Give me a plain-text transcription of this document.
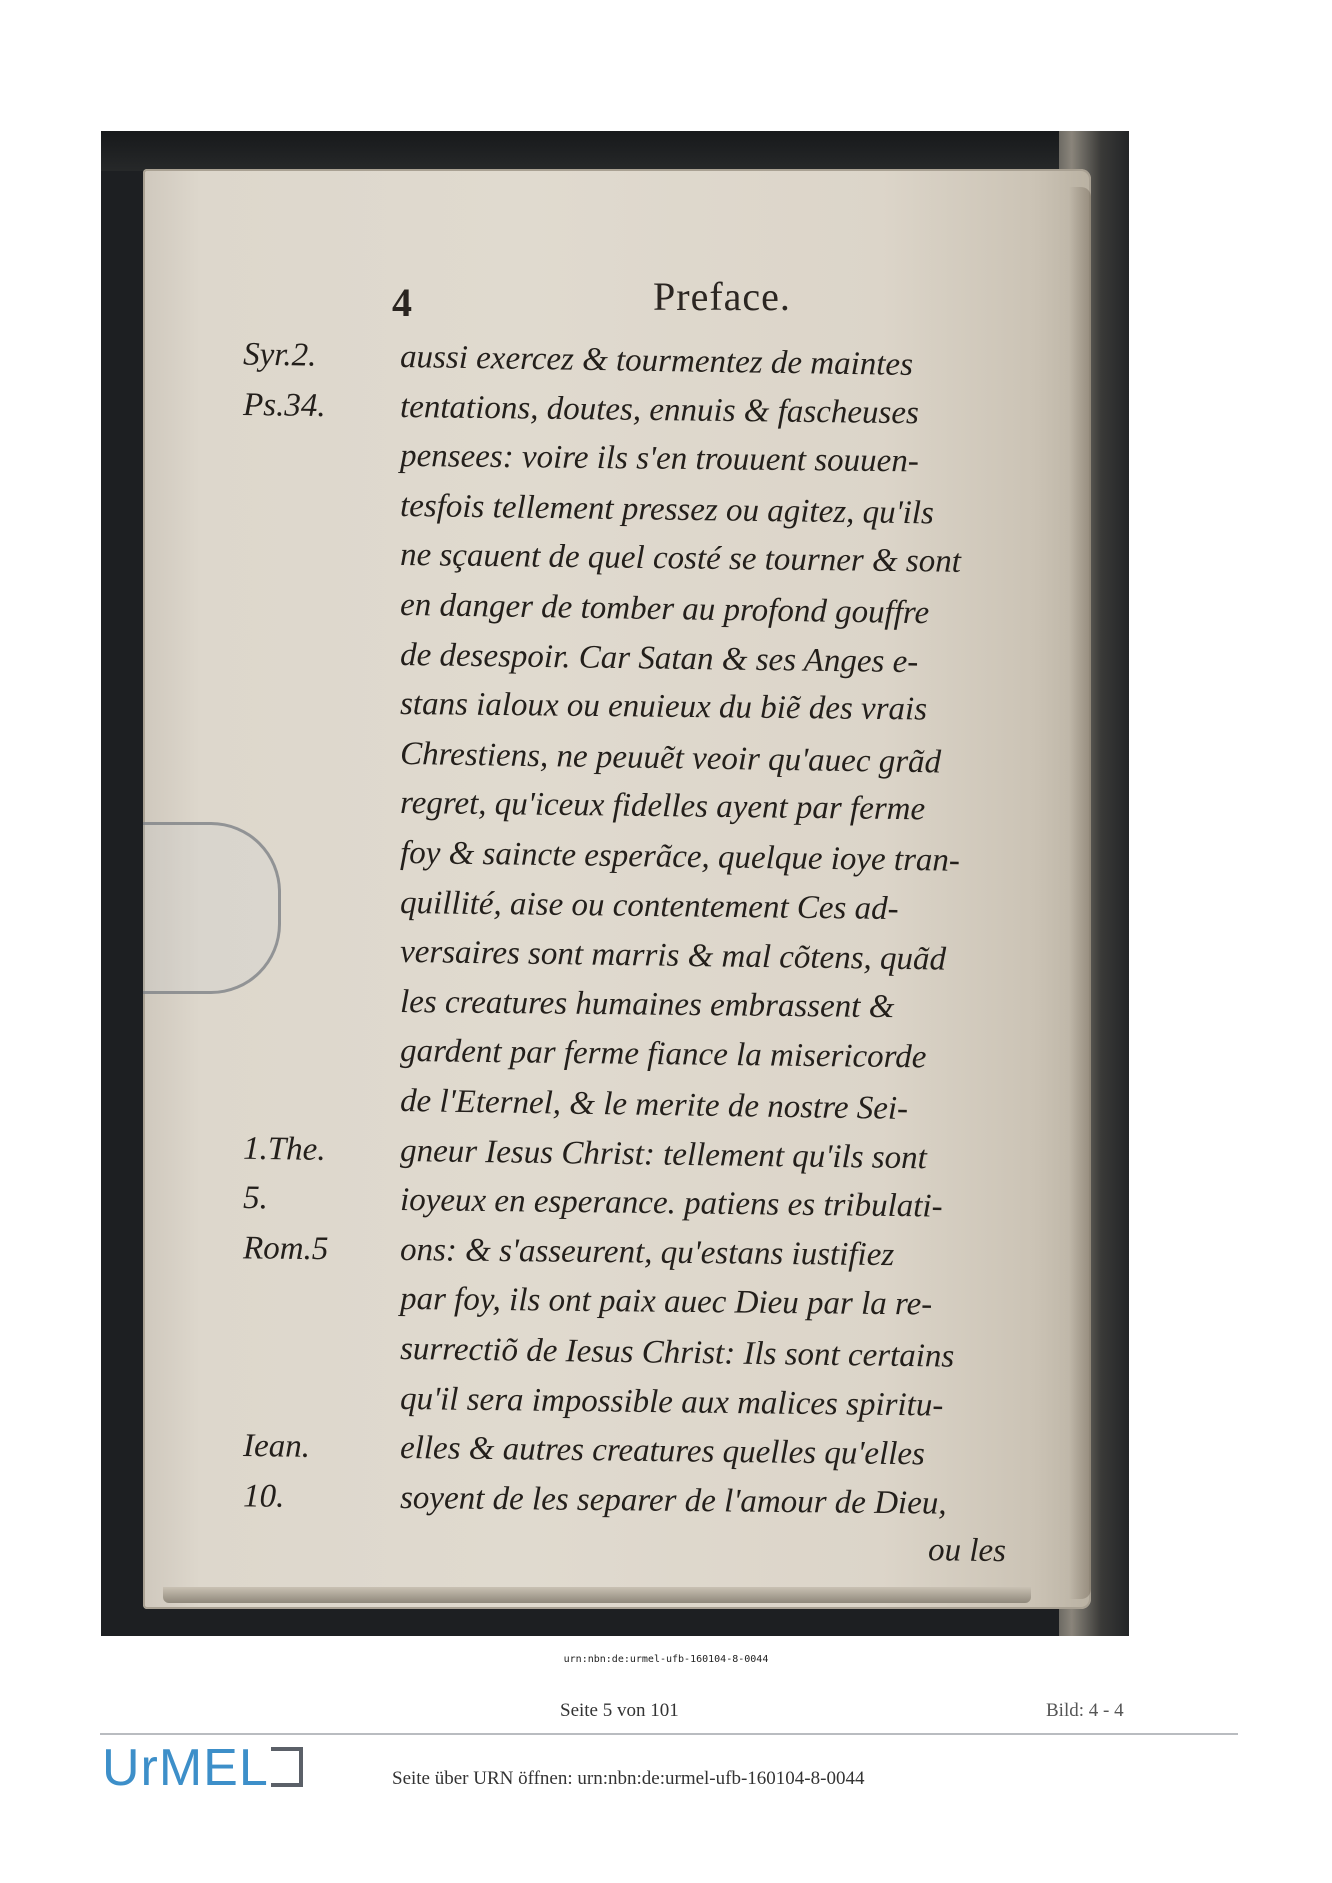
4	Preface.
Syr.2.	aussi exercez & tourmentez de maintes
Ps.34.	tentations, doutes, ennuis & fascheuses
pensees: voire ils s'en trouuent souuen-
tesfois tellement pressez ou agitez, qu'ils
ne sçauent de quel costé se tourner & sont
en danger de tomber au profond gouffre
de desespoir. Car Satan & ses Anges e-
stans ialoux ou enuieux du biẽ des vrais
Chrestiens, ne peuuẽt veoir qu'auec grãd
regret, qu'iceux fidelles ayent par ferme
foy & saincte esperãce, quelque ioye tran-
quillité, aise ou contentement Ces ad-
versaires sont marris & mal cõtens, quãd
les creatures humaines embrassent &
gardent par ferme fiance la misericorde
de l'Eternel, & le merite de nostre Sei-
1.The.	gneur Iesus Christ: tellement qu'ils sont
5.	ioyeux en esperance. patiens es tribulati-
Rom.5	ons: & s'asseurent, qu'estans iustifiez
par foy, ils ont paix auec Dieu par la re-
surrectiõ de Iesus Christ: Ils sont certains
qu'il sera impossible aux malices spiritu-
Iean.	elles & autres creatures quelles qu'elles
10.	soyent de les separer de l'amour de Dieu,
ou les
urn:nbn:de:urmel-ufb-160104-8-0044
Seite 5 von 101	Bild: 4 - 4
UrMEL	Seite über URN öffnen: urn:nbn:de:urmel-ufb-160104-8-0044
